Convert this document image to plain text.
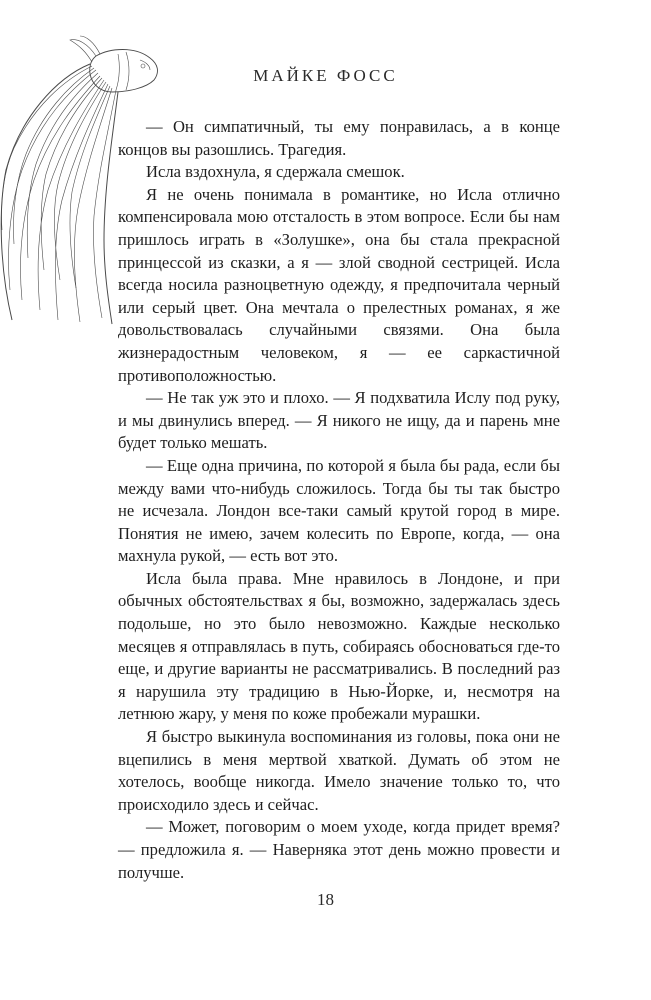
МАЙКЕ ФОСС

— Он симпатичный, ты ему понравилась, а в конце концов вы разошлись. Трагедия.

Исла вздохнула, я сдержала смешок.

Я не очень понимала в романтике, но Исла отлично компенсировала мою отсталость в этом вопросе. Если бы нам пришлось играть в «Золушке», она бы стала прекрасной принцессой из сказки, а я — злой сводной сестрицей. Исла всегда носила разноцветную одежду, я предпочитала черный или серый цвет. Она мечтала о прелестных романах, я же довольствовалась случайными связями. Она была жизнерадостным человеком, я — ее саркастичной противоположностью.

— Не так уж это и плохо. — Я подхватила Ислу под руку, и мы двинулись вперед. — Я никого не ищу, да и парень мне будет только мешать.

— Еще одна причина, по которой я была бы рада, если бы между вами что-нибудь сложилось. Тогда бы ты так быстро не исчезала. Лондон все-таки самый крутой город в мире. Понятия не имею, зачем колесить по Европе, когда, — она махнула рукой, — есть вот это.

Исла была права. Мне нравилось в Лондоне, и при обычных обстоятельствах я бы, возможно, задержалась здесь подольше, но это было невозможно. Каждые несколько месяцев я отправлялась в путь, собираясь обосноваться где-то еще, и другие варианты не рассматривались. В последний раз я нарушила эту традицию в Нью-Йорке, и, несмотря на летнюю жару, у меня по коже пробежали мурашки.

Я быстро выкинула воспоминания из головы, пока они не вцепились в меня мертвой хваткой. Думать об этом не хотелось, вообще никогда. Имело значение только то, что происходило здесь и сейчас.

— Может, поговорим о моем уходе, когда придет время? — предложила я. — Наверняка этот день можно провести и получше.

18
